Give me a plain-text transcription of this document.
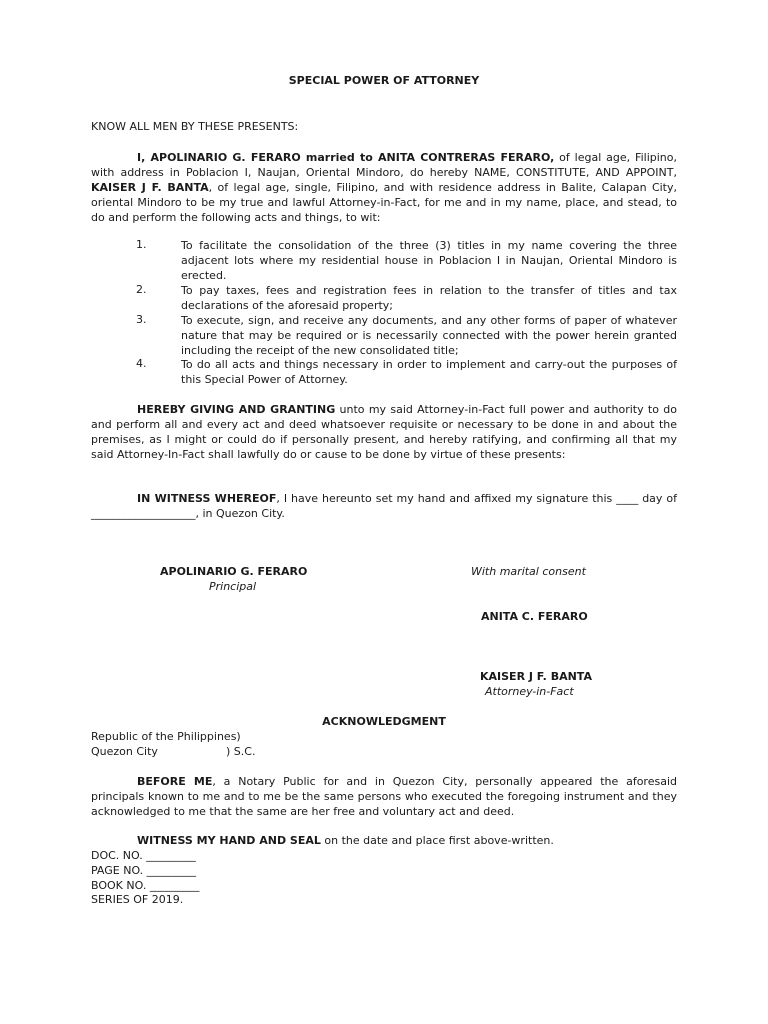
SPECIAL POWER OF ATTORNEY
KNOW ALL MEN BY THESE PRESENTS:
I, APOLINARIO G. FERARO married to ANITA CONTRERAS FERARO, of legal age, Filipino, with address in Poblacion I, Naujan, Oriental Mindoro, do hereby NAME, CONSTITUTE, AND APPOINT, KAISER J F. BANTA, of legal age, single, Filipino, and with residence address in Balite, Calapan City, oriental Mindoro to be my true and lawful Attorney-in-Fact, for me and in my name, place, and stead, to do and perform the following acts and things, to wit:
1.	To facilitate the consolidation of the three (3) titles in my name covering the three adjacent lots where my residential house in Poblacion I in Naujan, Oriental Mindoro is erected.
2.	To pay taxes, fees and registration fees in relation to the transfer of titles and tax declarations of the aforesaid property;
3.	To execute, sign, and receive any documents, and any other forms of paper of whatever nature that may be required or is necessarily connected with the power herein granted including the receipt of the new consolidated title;
4.	To do all acts and things necessary in order to implement and carry-out the purposes of this Special Power of Attorney.
HEREBY GIVING AND GRANTING unto my said Attorney-in-Fact full power and authority to do and perform all and every act and deed whatsoever requisite or necessary to be done in and about the premises, as I might or could do if personally present, and hereby ratifying, and confirming all that my said Attorney-In-Fact shall lawfully do or cause to be done by virtue of these presents:
IN WITNESS WHEREOF, I have hereunto set my hand and affixed my signature this ____ day of ___________________, in Quezon City.
APOLINARIO G. FERARO
Principal
With marital consent
ANITA C. FERARO
KAISER J F. BANTA
Attorney-in-Fact
ACKNOWLEDGMENT
Republic of the Philippines)
Quezon City	) S.C.
BEFORE ME, a Notary Public for and in Quezon City, personally appeared the aforesaid principals known to me and to me be the same persons who executed the foregoing instrument and they acknowledged to me that the same are her free and voluntary act and deed.
WITNESS MY HAND AND SEAL on the date and place first above-written.
DOC. NO. _________
PAGE NO. _________
BOOK NO. _________
SERIES OF 2019.
